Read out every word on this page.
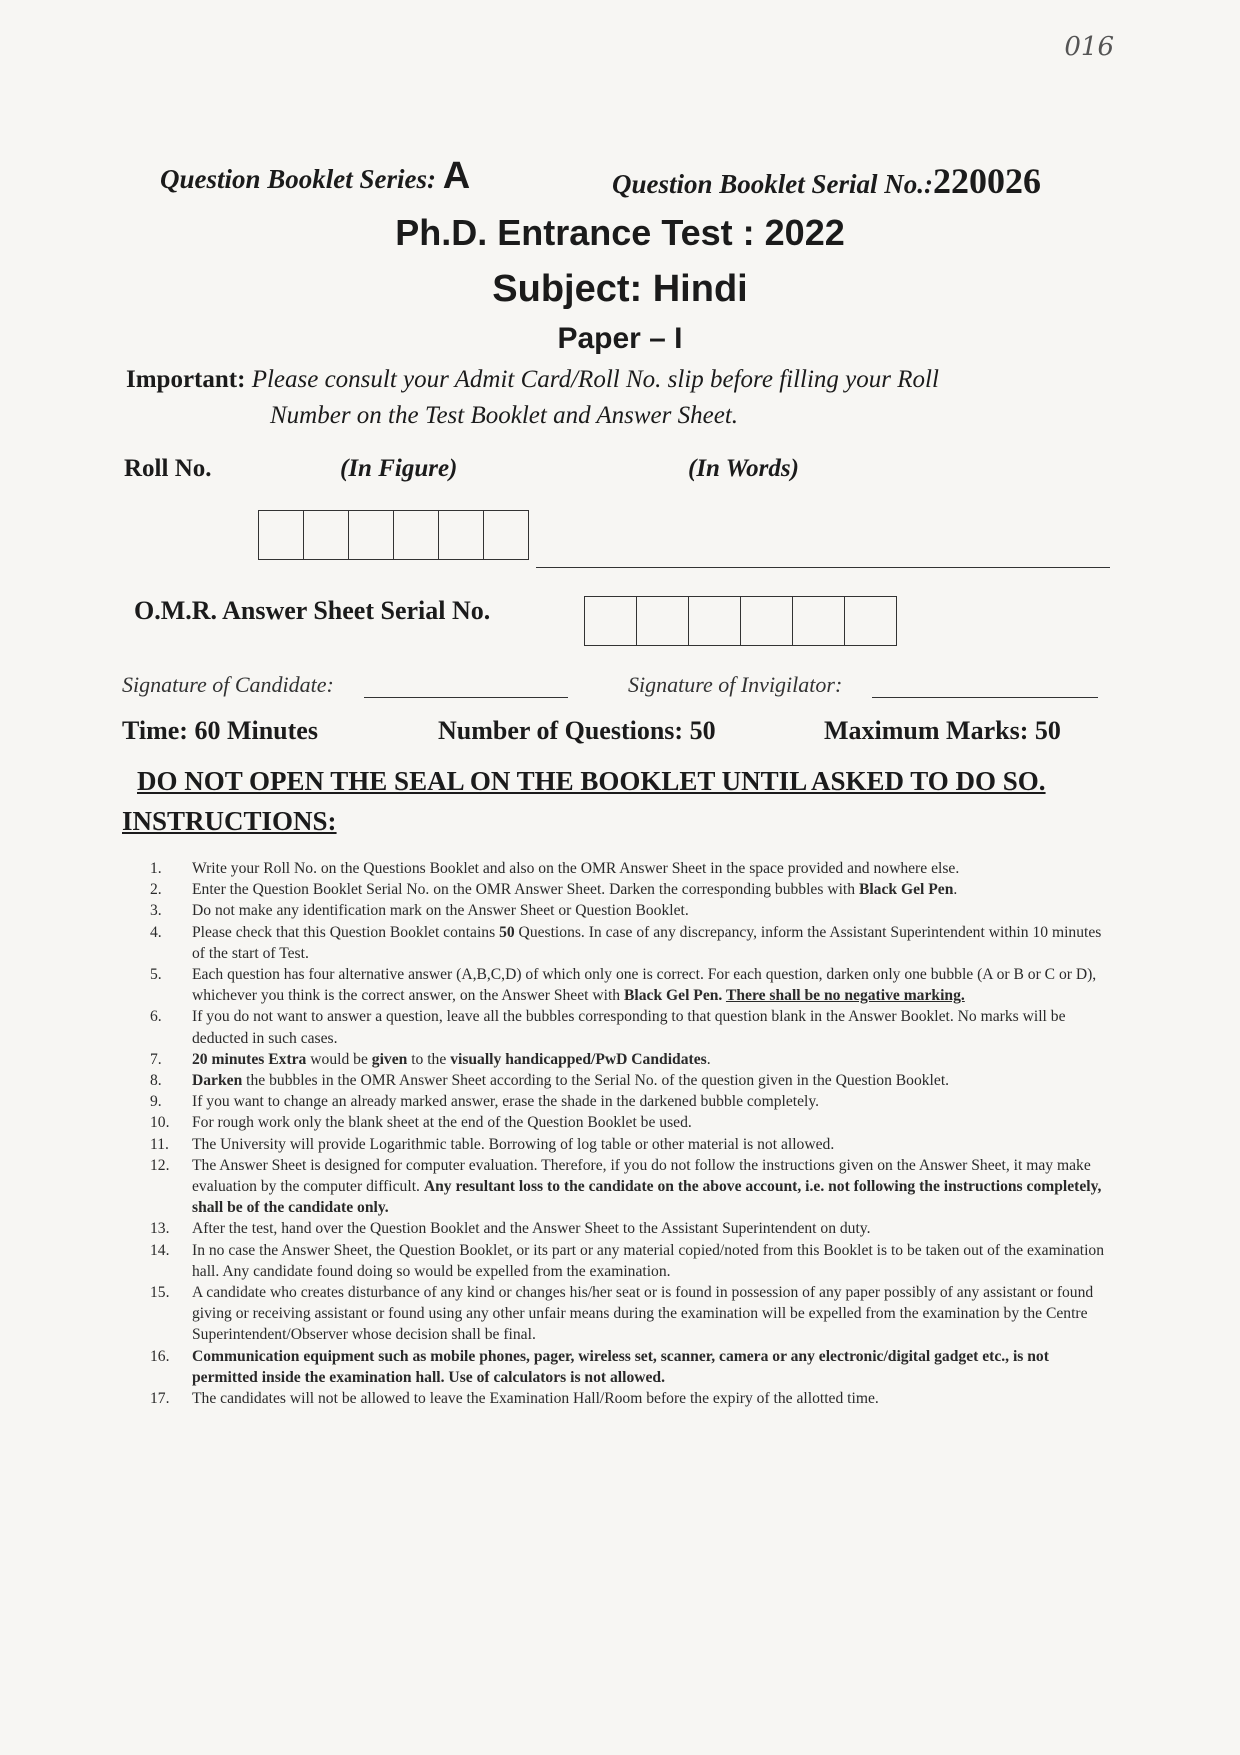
016
Question Booklet Series: A	Question Booklet Serial No.:220026
Ph.D. Entrance Test : 2022
Subject: Hindi
Paper – I
Important: Please consult your Admit Card/Roll No. slip before filling your Roll
Number on the Test Booklet and Answer Sheet.
Roll No.	(In Figure)	(In Words)
O.M.R. Answer Sheet Serial No.
Signature of Candidate:	Signature of Invigilator:
Time: 60 Minutes	Number of Questions: 50	Maximum Marks: 50
DO NOT OPEN THE SEAL ON THE BOOKLET UNTIL ASKED TO DO SO.
INSTRUCTIONS:
1.	Write your Roll No. on the Questions Booklet and also on the OMR Answer Sheet in the space provided and nowhere else.
2.	Enter the Question Booklet Serial No. on the OMR Answer Sheet. Darken the corresponding bubbles with Black Gel Pen.
3.	Do not make any identification mark on the Answer Sheet or Question Booklet.
4.	Please check that this Question Booklet contains 50 Questions. In case of any discrepancy, inform the Assistant Superintendent within 10 minutes of the start of Test.
5.	Each question has four alternative answer (A,B,C,D) of which only one is correct. For each question, darken only one bubble (A or B or C or D), whichever you think is the correct answer, on the Answer Sheet with Black Gel Pen. There shall be no negative marking.
6.	If you do not want to answer a question, leave all the bubbles corresponding to that question blank in the Answer Booklet. No marks will be deducted in such cases.
7.	20 minutes Extra would be given to the visually handicapped/PwD Candidates.
8.	Darken the bubbles in the OMR Answer Sheet according to the Serial No. of the question given in the Question Booklet.
9.	If you want to change an already marked answer, erase the shade in the darkened bubble completely.
10.	For rough work only the blank sheet at the end of the Question Booklet be used.
11.	The University will provide Logarithmic table. Borrowing of log table or other material is not allowed.
12.	The Answer Sheet is designed for computer evaluation. Therefore, if you do not follow the instructions given on the Answer Sheet, it may make evaluation by the computer difficult. Any resultant loss to the candidate on the above account, i.e. not following the instructions completely, shall be of the candidate only.
13.	After the test, hand over the Question Booklet and the Answer Sheet to the Assistant Superintendent on duty.
14.	In no case the Answer Sheet, the Question Booklet, or its part or any material copied/noted from this Booklet is to be taken out of the examination hall. Any candidate found doing so would be expelled from the examination.
15.	A candidate who creates disturbance of any kind or changes his/her seat or is found in possession of any paper possibly of any assistant or found giving or receiving assistant or found using any other unfair means during the examination will be expelled from the examination by the Centre Superintendent/Observer whose decision shall be final.
16.	Communication equipment such as mobile phones, pager, wireless set, scanner, camera or any electronic/digital gadget etc., is not permitted inside the examination hall. Use of calculators is not allowed.
17.	The candidates will not be allowed to leave the Examination Hall/Room before the expiry of the allotted time.
